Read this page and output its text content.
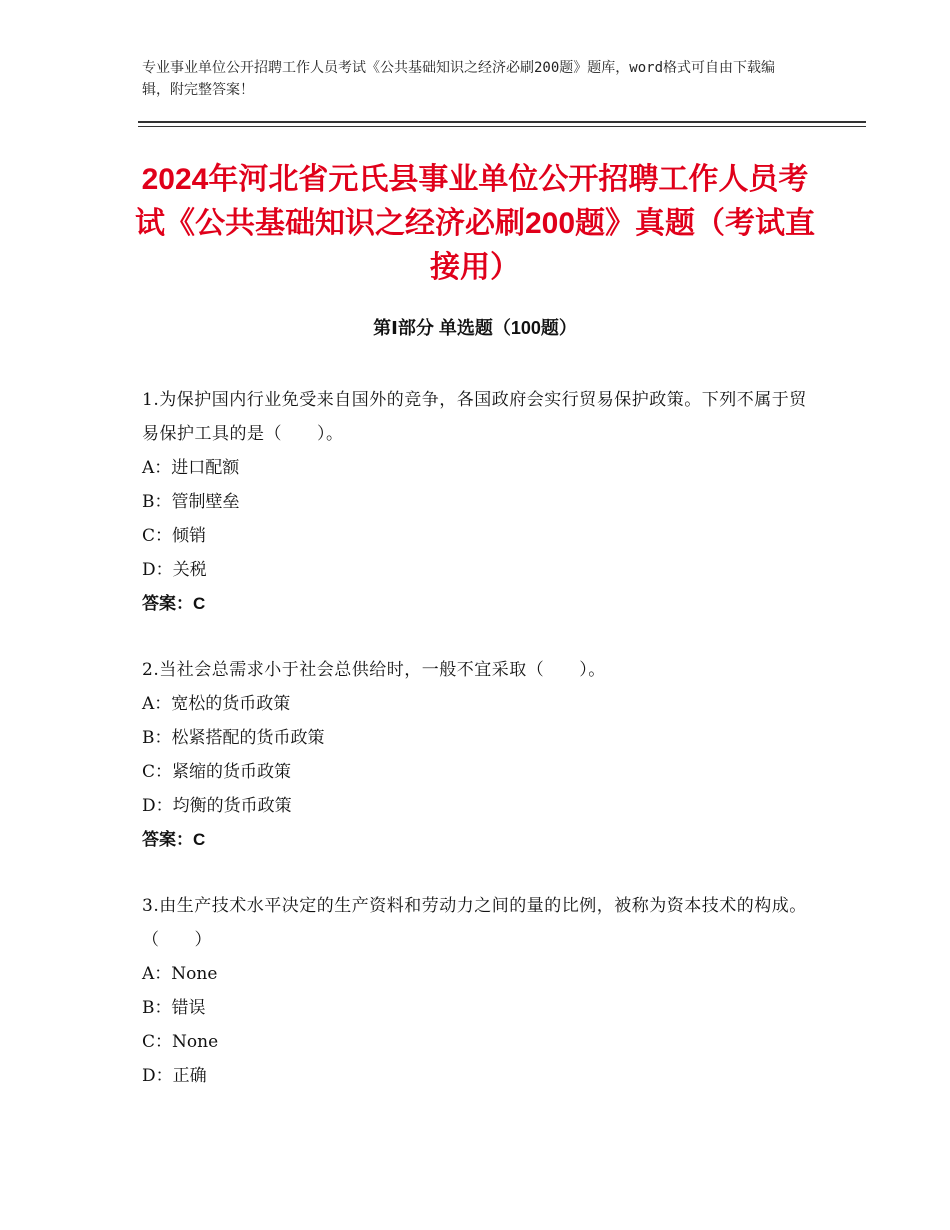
专业事业单位公开招聘工作人员考试《公共基础知识之经济必刷200题》题库，word格式可自由下载编辑，附完整答案！
2024年河北省元氏县事业单位公开招聘工作人员考试《公共基础知识之经济必刷200题》真题（考试直接用）
第Ⅰ部分 单选题（100题）
1.为保护国内行业免受来自国外的竞争，各国政府会实行贸易保护政策。下列不属于贸易保护工具的是（　　）。
A：进口配额
B：管制壁垒
C：倾销
D：关税
答案：C
2.当社会总需求小于社会总供给时，一般不宜采取（　　）。
A：宽松的货币政策
B：松紧搭配的货币政策
C：紧缩的货币政策
D：均衡的货币政策
答案：C
3.由生产技术水平决定的生产资料和劳动力之间的量的比例，被称为资本技术的构成。（　　）
A：None
B：错误
C：None
D：正确
